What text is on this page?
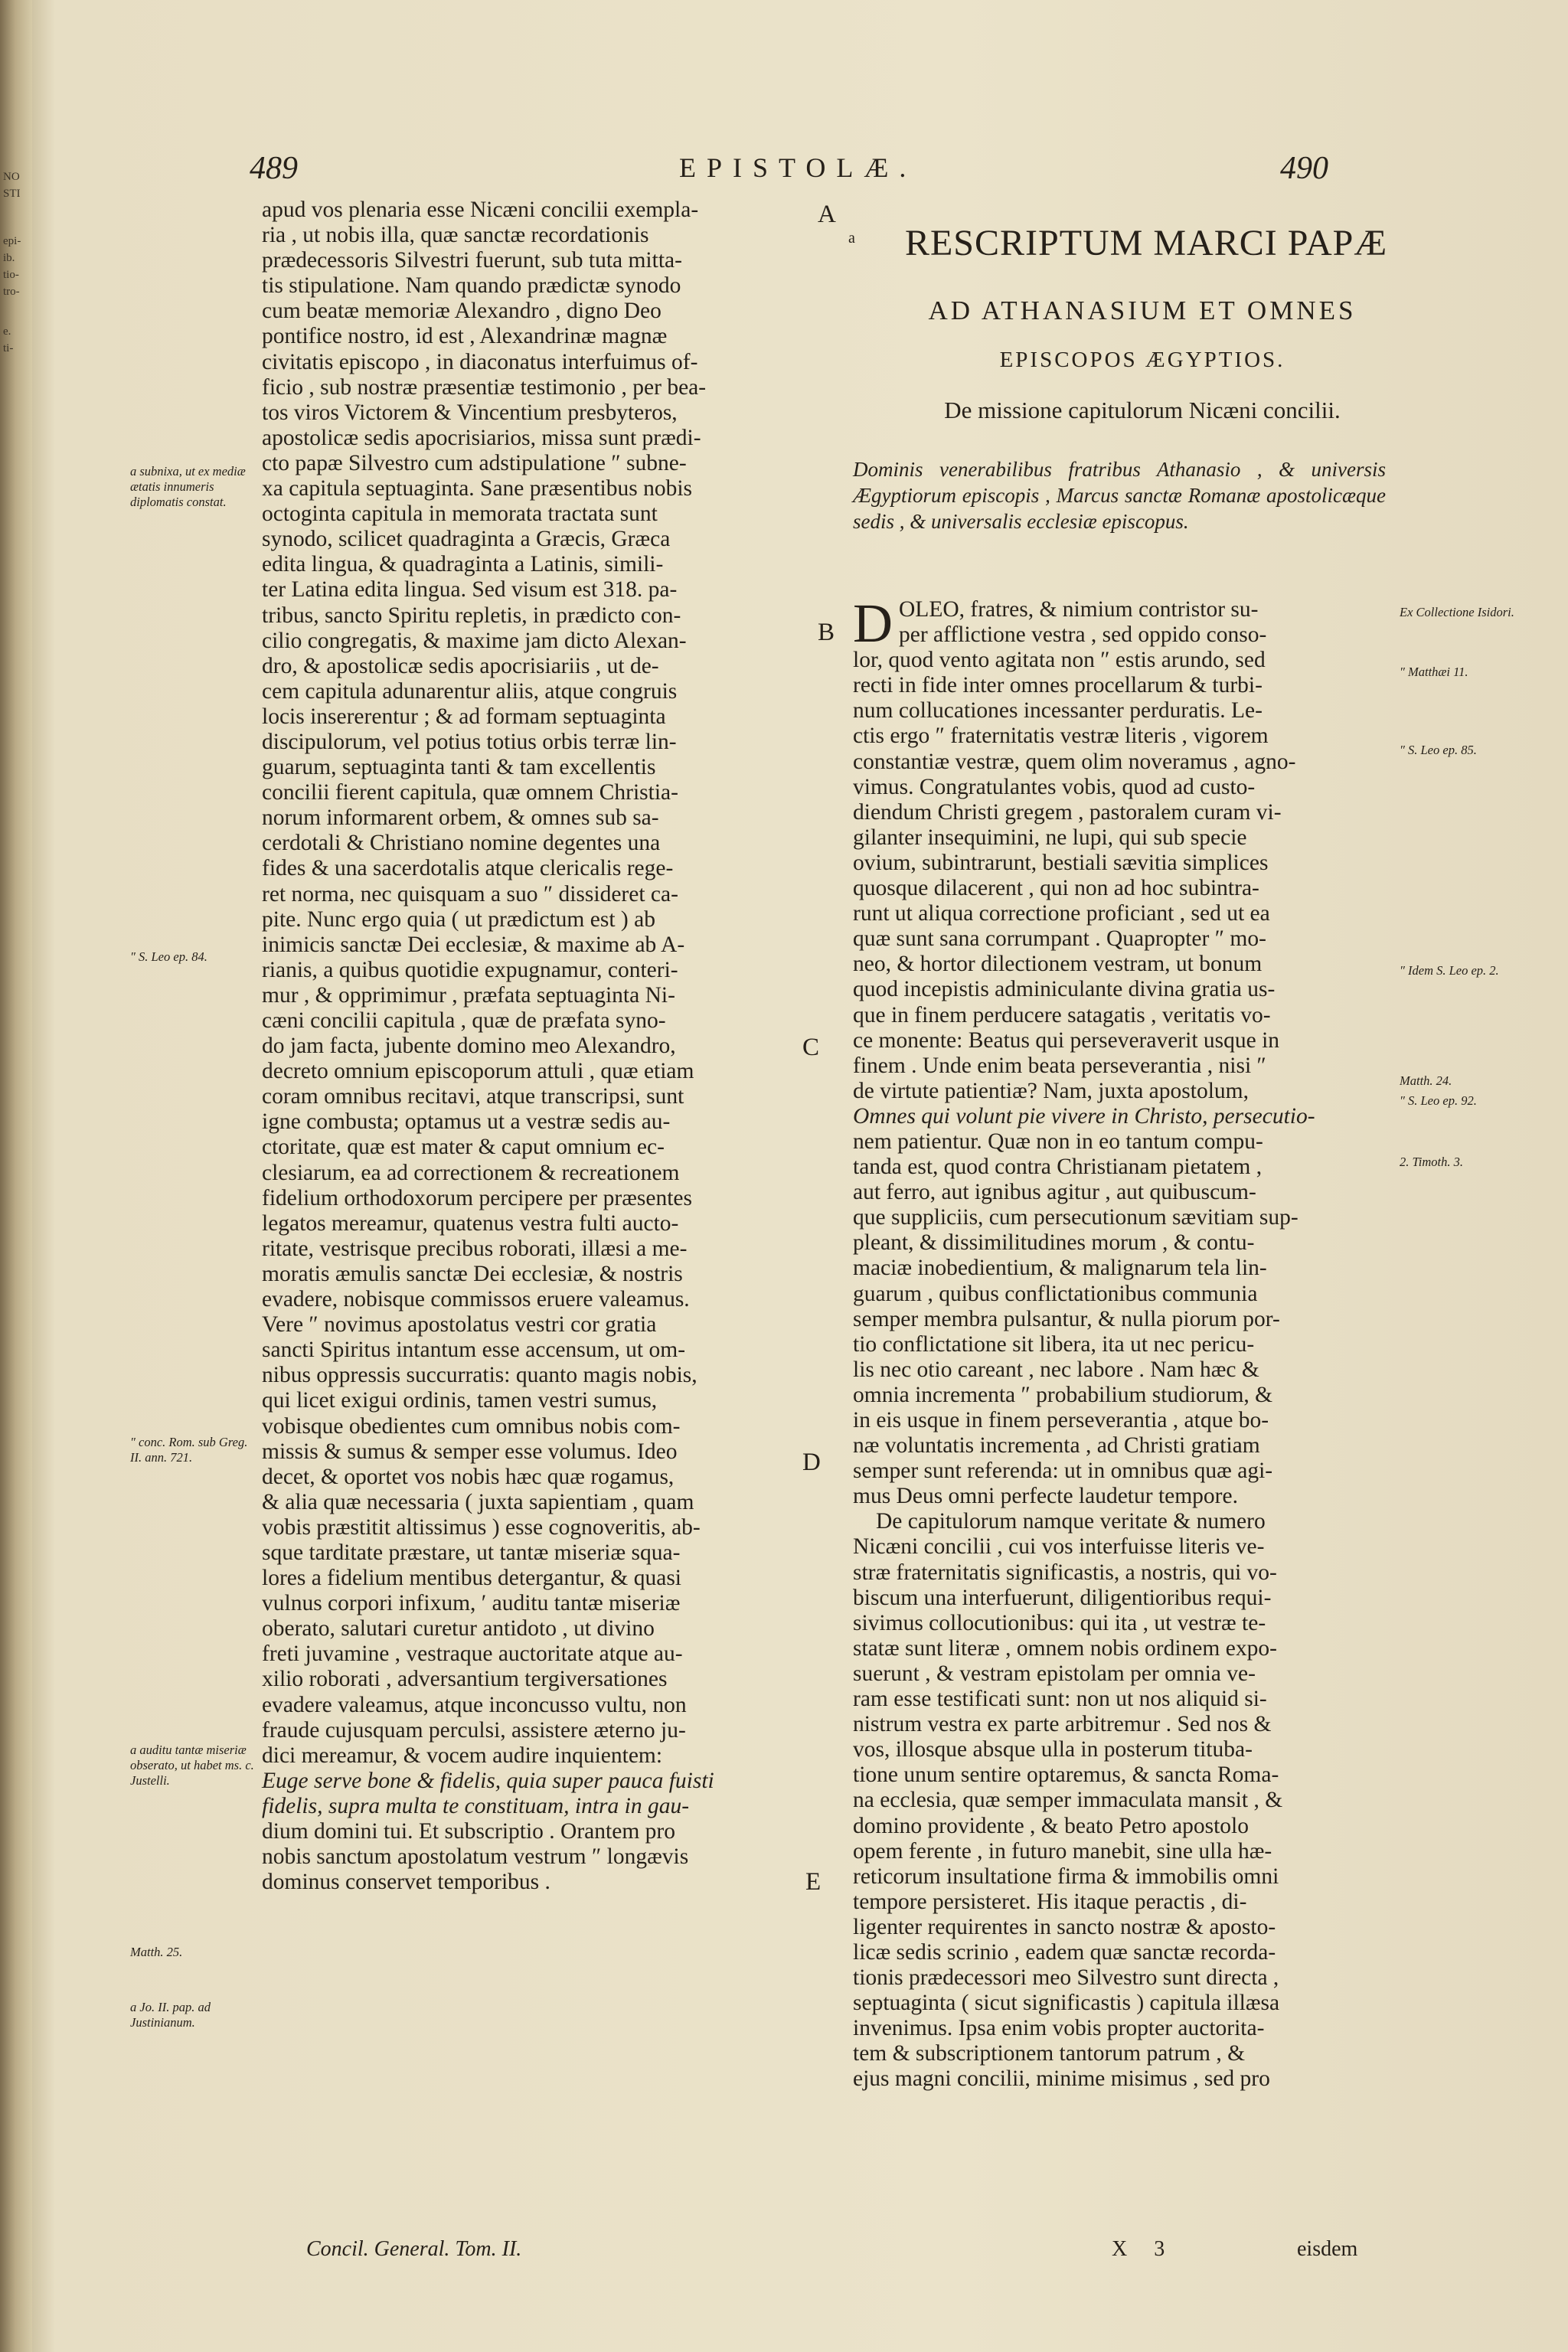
489	EPISTOLÆ.	490

apud vos plenaria esse Nicæni concilii exempla-

ria , ut nobis illa, quæ sanctæ recordationis

prædecessoris Silvestri fuerunt, sub tuta mitta-

tis stipulatione. Nam quando prædictæ synodo

cum beatæ memoriæ Alexandro , digno Deo

pontifice nostro, id est , Alexandrinæ magnæ

civitatis episcopo , in diaconatus interfuimus of-

ficio , sub nostræ præsentiæ testimonio , per bea-

tos viros Victorem & Vincentium presbyteros,

apostolicæ sedis apocrisiarios, missa sunt prædi-

cto papæ Silvestro cum adstipulatione ″ subne-

xa capitula septuaginta. Sane præsentibus nobis

octoginta capitula in memorata tractata sunt

synodo, scilicet quadraginta a Græcis, Græca

edita lingua, & quadraginta a Latinis, simili-

ter Latina edita lingua. Sed visum est 318. pa-

tribus, sancto Spiritu repletis, in prædicto con-

cilio congregatis, & maxime jam dicto Alexan-

dro, & apostolicæ sedis apocrisiariis , ut de-

cem capitula adunarentur aliis, atque congruis

locis insererentur ; & ad formam septuaginta

discipulorum, vel potius totius orbis terræ lin-

guarum, septuaginta tanti & tam excellentis

concilii fierent capitula, quæ omnem Christia-

norum informarent orbem, & omnes sub sa-

cerdotali & Christiano nomine degentes una

fides & una sacerdotalis atque clericalis rege-

ret norma, nec quisquam a suo ″ dissideret ca-

pite. Nunc ergo quia ( ut prædictum est ) ab

inimicis sanctæ Dei ecclesiæ, & maxime ab A-

rianis, a quibus quotidie expugnamur, conteri-

mur , & opprimimur , præfata septuaginta Ni-

cæni concilii capitula , quæ de præfata syno-

do jam facta, jubente domino meo Alexandro,

decreto omnium episcoporum attuli , quæ etiam

coram omnibus recitavi, atque transcripsi, sunt

igne combusta; optamus ut a vestræ sedis au-

ctoritate, quæ est mater & caput omnium ec-

clesiarum, ea ad correctionem & recreationem

fidelium orthodoxorum percipere per præsentes

legatos mereamur, quatenus vestra fulti aucto-

ritate, vestrisque precibus roborati, illæsi a me-

moratis æmulis sanctæ Dei ecclesiæ, & nostris

evadere, nobisque commissos eruere valeamus.

Vere ″ novimus apostolatus vestri cor gratia

sancti Spiritus intantum esse accensum, ut om-

nibus oppressis succurratis: quanto magis nobis,

qui licet exigui ordinis, tamen vestri sumus,

vobisque obedientes cum omnibus nobis com-

missis & sumus & semper esse volumus. Ideo

decet, & oportet vos nobis hæc quæ rogamus,

& alia quæ necessaria ( juxta sapientiam , quam

vobis præstitit altissimus ) esse cognoveritis, ab-

sque tarditate præstare, ut tantæ miseriæ squa-

lores a fidelium mentibus detergantur, & quasi

vulnus corpori infixum, ′ auditu tantæ miseriæ

oberato, salutari curetur antidoto , ut divino

freti juvamine , vestraque auctoritate atque au-

xilio roborati , adversantium tergiversationes

evadere valeamus, atque inconcusso vultu, non

fraude cujusquam perculsi, assistere æterno ju-

dici mereamur, & vocem audire inquientem:

Euge serve bone & fidelis, quia super pauca fuisti

fidelis, supra multa te constituam, intra in gau-

dium domini tui. Et subscriptio . Orantem pro

nobis sanctum apostolatum vestrum ″ longævis

dominus conservet temporibus .

a subnixa, ut ex mediæ ætatis innumeris diplomatis constat.
″ S. Leo ep. 84.
″ conc. Rom. sub Greg. II. ann. 721.
a auditu tantæ miseriæ obserato, ut habet ms. c. Justelli.
Matth. 25.
a Jo. II. pap. ad Justinianum.
A
B
C
D
E
a	RESCRIPTUM MARCI PAPÆ
AD ATHANASIUM ET OMNES
EPISCOPOS ÆGYPTIOS.
De missione capitulorum Nicæni concilii.
Dominis venerabilibus fratribus Athanasio , & universis Ægyptiorum episcopis , Marcus sanctæ Romanæ apostolicæque sedis , & universalis ecclesiæ episcopus.

DOLEO, fratres, & nimium contristor su-

per afflictione vestra , sed oppido conso-

lor, quod vento agitata non ″ estis arundo, sed

recti in fide inter omnes procellarum & turbi-

num collucationes incessanter perduratis. Le-

ctis ergo ″ fraternitatis vestræ literis , vigorem

constantiæ vestræ, quem olim noveramus , agno-

vimus. Congratulantes vobis, quod ad custo-

diendum Christi gregem , pastoralem curam vi-

gilanter insequimini, ne lupi, qui sub specie

ovium, subintrarunt, bestiali sævitia simplices

quosque dilacerent , qui non ad hoc subintra-

runt ut aliqua correctione proficiant , sed ut ea

quæ sunt sana corrumpant . Quapropter ″ mo-

neo, & hortor dilectionem vestram, ut bonum

quod incepistis adminiculante divina gratia us-

que in finem perducere satagatis , veritatis vo-

ce monente: Beatus qui perseveraverit usque in

finem . Unde enim beata perseverantia , nisi ″

de virtute patientiæ? Nam, juxta apostolum,

Omnes qui volunt pie vivere in Christo, persecutio-

nem patientur. Quæ non in eo tantum compu-

tanda est, quod contra Christianam pietatem ,

aut ferro, aut ignibus agitur , aut quibuscum-

que suppliciis, cum persecutionum sævitiam sup-

pleant, & dissimilitudines morum , & contu-

maciæ inobedientium, & malignarum tela lin-

guarum , quibus conflictationibus communia

semper membra pulsantur, & nulla piorum por-

tio conflictatione sit libera, ita ut nec pericu-

lis nec otio careant , nec labore . Nam hæc &

omnia incrementa ″ probabilium studiorum, &

in eis usque in finem perseverantia , atque bo-

næ voluntatis incrementa , ad Christi gratiam

semper sunt referenda: ut in omnibus quæ agi-

mus Deus omni perfecte laudetur tempore.

De capitulorum namque veritate & numero

Nicæni concilii , cui vos interfuisse literis ve-

stræ fraternitatis significastis, a nostris, qui vo-

biscum una interfuerunt, diligentioribus requi-

sivimus collocutionibus: qui ita , ut vestræ te-

statæ sunt literæ , omnem nobis ordinem expo-

suerunt , & vestram epistolam per omnia ve-

ram esse testificati sunt: non ut nos aliquid si-

nistrum vestra ex parte arbitremur . Sed nos &

vos, illosque absque ulla in posterum tituba-

tione unum sentire optaremus, & sancta Roma-

na ecclesia, quæ semper immaculata mansit , &

domino providente , & beato Petro apostolo

opem ferente , in futuro manebit, sine ulla hæ-

reticorum insultatione firma & immobilis omni

tempore persisteret. His itaque peractis , di-

ligenter requirentes in sancto nostræ & aposto-

licæ sedis scrinio , eadem quæ sanctæ recorda-

tionis prædecessori meo Silvestro sunt directa ,

septuaginta ( sicut significastis ) capitula illæsa

invenimus. Ipsa enim vobis propter auctorita-

tem & subscriptionem tantorum patrum , &

ejus magni concilii, minime misimus , sed pro

Ex Collectione Isidori.
″ Matthæi 11.
″ S. Leo ep. 85.
″ Idem S. Leo ep. 2.
Matth. 24.
″ S. Leo ep. 92.
2. Timoth. 3.
Concil. General. Tom. II.	X 3	eisdem
NO
STI
epi-
ib.
tio-
tro-
e.
ti-
